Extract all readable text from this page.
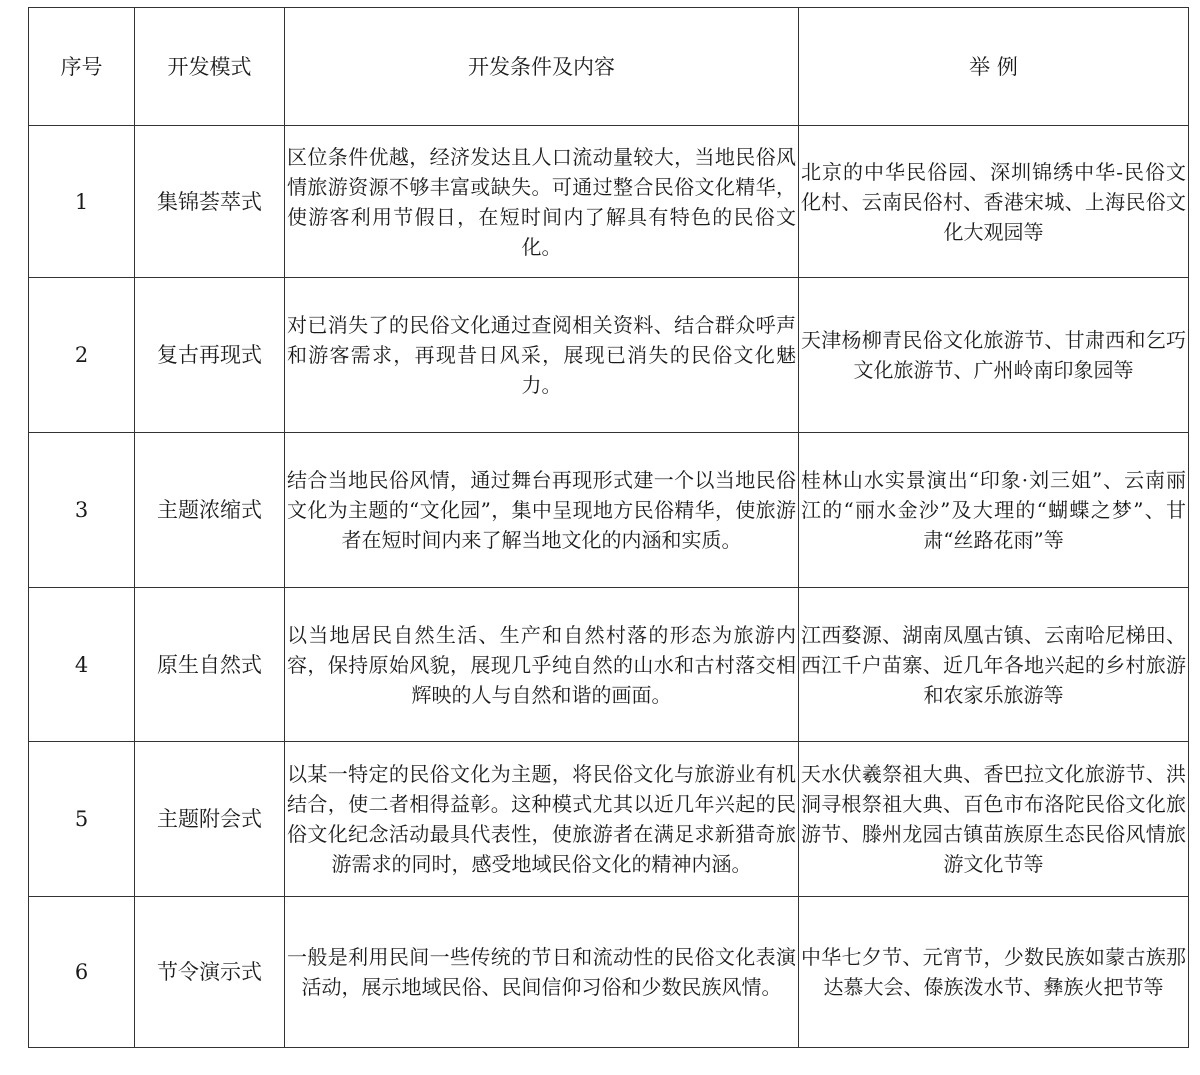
序号	开发模式	开发条件及内容	举 例
1	集锦荟萃式	区位条件优越，经济发达且人口流动量较大，当地民俗风情旅游资源不够丰富或缺失。可通过整合民俗文化精华，使游客利用节假日，在短时间内了解具有特色的民俗文化。	北京的中华民俗园、深圳锦绣中华-民俗文化村、云南民俗村、香港宋城、上海民俗文化大观园等
2	复古再现式	对已消失了的民俗文化通过查阅相关资料、结合群众呼声和游客需求，再现昔日风采，展现已消失的民俗文化魅力。	天津杨柳青民俗文化旅游节、甘肃西和乞巧文化旅游节、广州岭南印象园等
3	主题浓缩式	结合当地民俗风情，通过舞台再现形式建一个以当地民俗文化为主题的“文化园”，集中呈现地方民俗精华，使旅游者在短时间内来了解当地文化的内涵和实质。	桂林山水实景演出“印象·刘三姐”、云南丽江的“丽水金沙”及大理的“蝴蝶之梦”、甘肃“丝路花雨”等
4	原生自然式	以当地居民自然生活、生产和自然村落的形态为旅游内容，保持原始风貌，展现几乎纯自然的山水和古村落交相辉映的人与自然和谐的画面。	江西婺源、湖南凤凰古镇、云南哈尼梯田、西江千户苗寨、近几年各地兴起的乡村旅游和农家乐旅游等
5	主题附会式	以某一特定的民俗文化为主题，将民俗文化与旅游业有机结合，使二者相得益彰。这种模式尤其以近几年兴起的民俗文化纪念活动最具代表性，使旅游者在满足求新猎奇旅游需求的同时，感受地域民俗文化的精神内涵。	天水伏羲祭祖大典、香巴拉文化旅游节、洪洞寻根祭祖大典、百色市布洛陀民俗文化旅游节、滕州龙园古镇苗族原生态民俗风情旅游文化节等
6	节令演示式	一般是利用民间一些传统的节日和流动性的民俗文化表演活动，展示地域民俗、民间信仰习俗和少数民族风情。	中华七夕节、元宵节，少数民族如蒙古族那达慕大会、傣族泼水节、彝族火把节等
